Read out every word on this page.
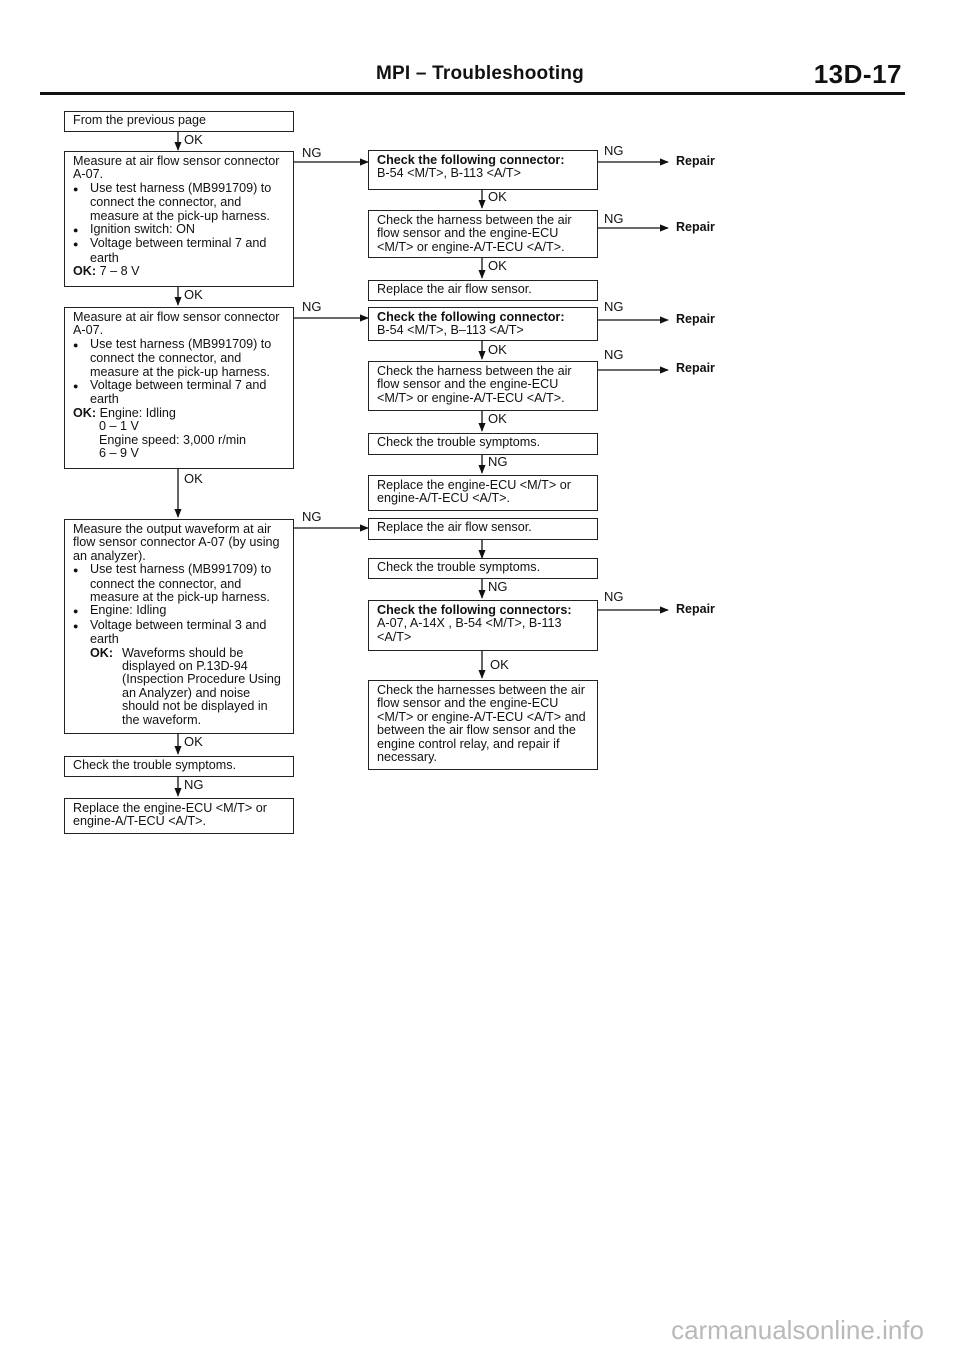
MPI – Troubleshooting	13D-17
From the previous page
OK
Measure at air flow sensor connector A-07.
● Use test harness (MB991709) to connect the connector, and measure at the pick-up harness.
● Ignition switch: ON
● Voltage between terminal 7 and earth
OK: 7 – 8 V
NG
OK
Measure at air flow sensor connector A-07.
● Use test harness (MB991709) to connect the connector, and measure at the pick-up harness.
● Voltage between terminal 7 and earth
OK: Engine: Idling
0 – 1 V
Engine speed: 3,000 r/min
6 – 9 V
NG
OK
Measure the output waveform at air flow sensor connector A-07 (by using an analyzer).
● Use test harness (MB991709) to connect the connector, and measure at the pick-up harness.
● Engine: Idling
● Voltage between terminal 3 and earth
OK: Waveforms should be displayed on P.13D-94 (Inspection Procedure Using an Analyzer) and noise should not be displayed in the waveform.
NG
OK
Check the trouble symptoms.
NG
Replace the engine-ECU <M/T> or engine-A/T-ECU <A/T>.
Check the following connector:
B-54 <M/T>, B-113 <A/T>
NG
Repair
OK
Check the harness between the air flow sensor and the engine-ECU <M/T> or engine-A/T-ECU <A/T>.
NG
Repair
OK
Replace the air flow sensor.
Check the following connector:
B-54 <M/T>, B–113 <A/T>
NG
Repair
OK
Check the harness between the air flow sensor and the engine-ECU <M/T> or engine-A/T-ECU <A/T>.
NG
Repair
OK
Check the trouble symptoms.
NG
Replace the engine-ECU <M/T> or engine-A/T-ECU <A/T>.
Replace the air flow sensor.
Check the trouble symptoms.
NG
Check the following connectors:
A-07, A-14X , B-54 <M/T>, B-113 <A/T>
NG
Repair
OK
Check the harnesses between the air flow sensor and the engine-ECU <M/T> or engine-A/T-ECU <A/T> and between the air flow sensor and the engine control relay, and repair if necessary.
carmanualsonline.info
